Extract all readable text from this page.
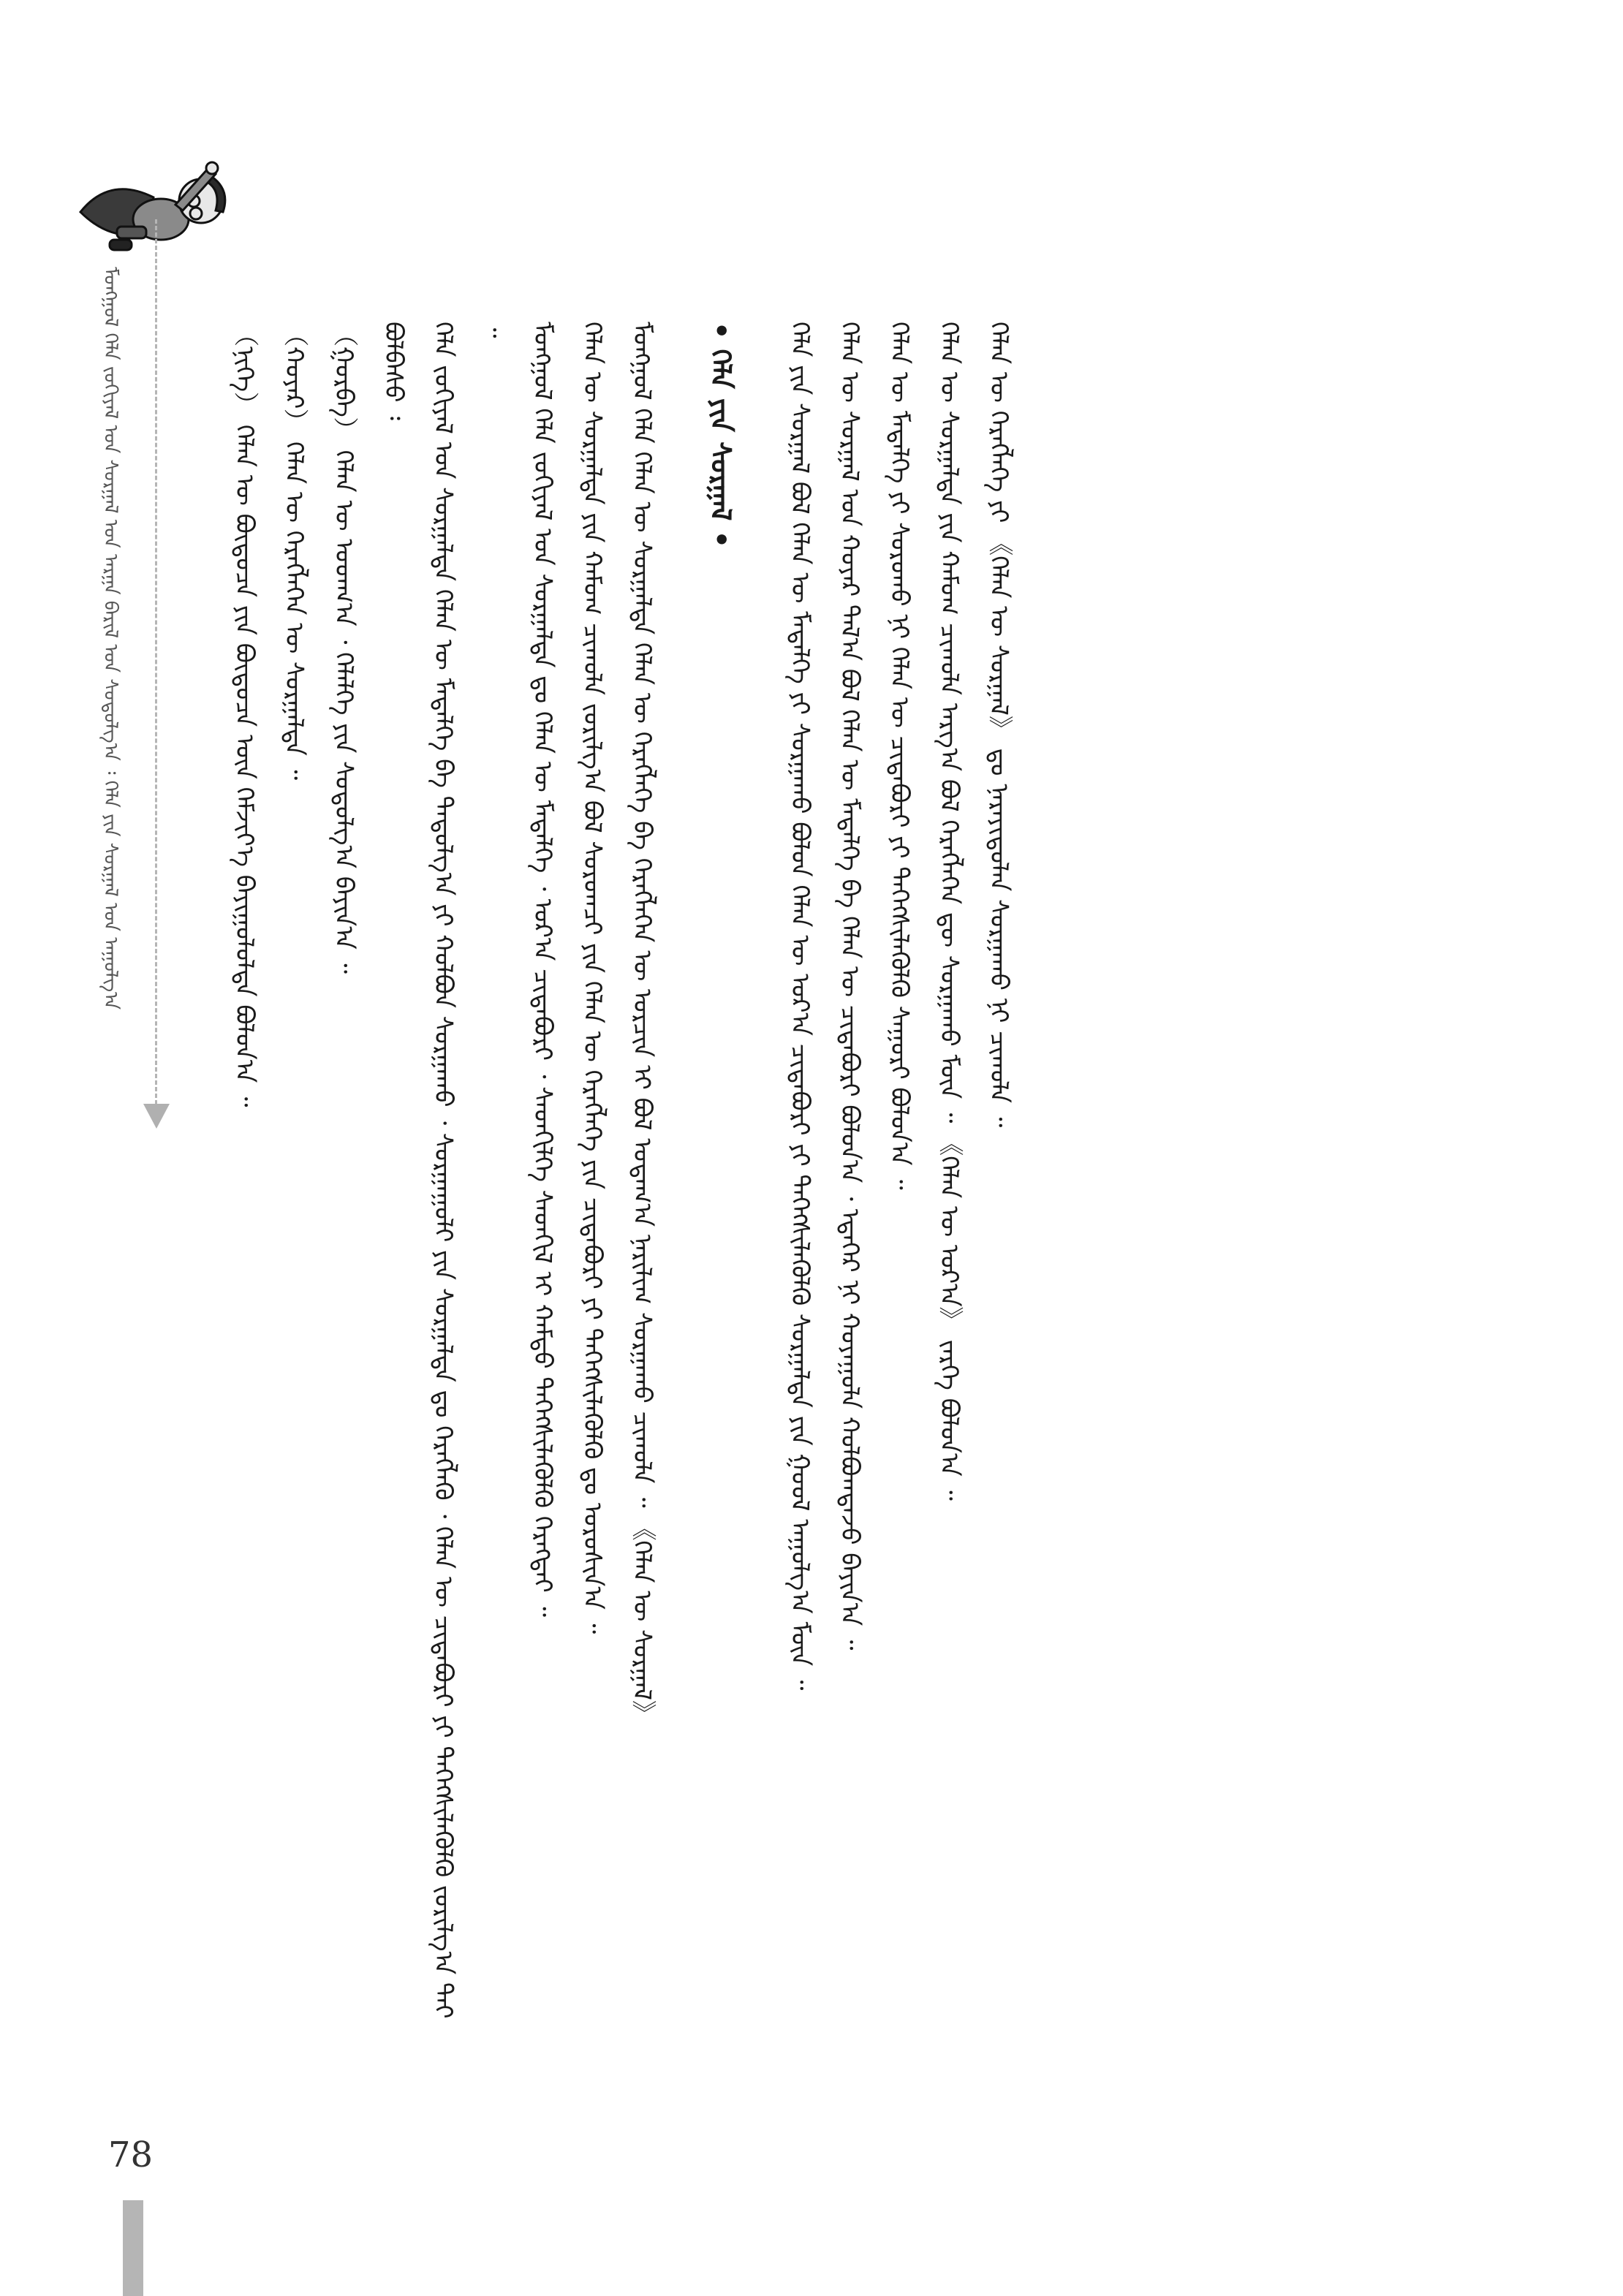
ᠮᠣᠩᠭᠣᠯ ᠬᠡᠯᠡ ᠵᠣᠬᠢᠶᠠᠯ ᠤᠨ ᠰᠤᠷᠭᠠᠯ ᠤᠨ ᠠᠷᠭᠠ ᠪᠠᠷᠢᠯ ᠤᠨ ᠰᠤᠳᠤᠯᠭ᠎ᠠ ᠄ ᠬᠡᠯᠡ ᠶᠢᠨ ᠰᠤᠷᠭᠠᠯ ᠤᠨ ᠠᠭᠤᠯᠭ᠎ᠠ	（ᠨᠢᠭᠡ） ᠬᠡᠯᠡᠨ ᠦ ᠪᠦᠲᠦᠴᠡ ᠶᠢᠨ ᠪᠦᠲᠦᠴᠡ ᠦᠨ ᠬᠡᠮᠵᠢᠶ᠎ᠡ ᠪᠠᠶᠢᠭᠤᠯᠤᠯᠲᠠ ᠪᠣᠯᠣᠨ᠎ᠠ ᠃ （ᠬᠣᠶᠠᠷ） ᠬᠡᠯᠡᠨ ᠦ ᠬᠡᠷᠡᠭᠯᠡᠭᠡᠨ ᠦ ᠰᠤᠷᠭᠠᠯᠲᠠ ᠃ （ᠭᠤᠷᠪᠠ） ᠬᠡᠯᠡᠨ ᠦ ᠤᠳᠬ᠎ᠠ ᠂ ᠬᠡᠯᠡᠯᠭᠡ ᠶᠢᠨ ᠰᠤᠳᠤᠯᠭ᠎ᠠ ᠪᠠᠶᠢᠨ᠎ᠠ ᠃ ᠪᠣᠯᠪᠠᠰᠤ ᠄ ᠬᠡᠯᠡ ᠵᠣᠬᠢᠶᠠᠯ ᠤᠨ ᠰᠤᠷᠭᠠᠯᠲᠠ ᠬᠡᠯᠡᠨ ᠦ ᠮᠡᠳᠡᠯᠭᠡ ᠪᠠ ᠳᠠᠳᠤᠯᠭ᠎ᠠ ᠶᠢ ᠬᠣᠯᠪᠣᠨ ᠰᠤᠷᠭᠠᠬᠤ ᠂ ᠰᠤᠷᠭᠠᠭᠤᠯᠢ ᠶᠢᠨ ᠰᠤᠷᠭᠠᠯᠲᠠ ᠳᠤ ᠬᠡᠷᠡᠭᠯᠡᠬᠦ ᠂ ᠬᠡᠯᠡᠨ ᠦ ᠴᠢᠳᠠᠪᠤᠷᠢ ᠶᠢ ᠳᠡᠭᠡᠭᠰᠢᠯᠡᠭᠦᠯᠬᠦ ᠵᠣᠷᠢᠯᠭ᠎ᠠ ᠲᠠᠢ ᠃ ᠮᠣᠩᠭᠣᠯ ᠬᠡᠯᠡ ᠵᠣᠬᠢᠶᠠᠯ ᠤᠨ ᠰᠤᠷᠭᠠᠯᠲᠠ ᠳᠤ ᠬᠡᠯᠡᠨ ᠦ ᠮᠡᠳᠡᠯᠭᠡ ᠂ ᠤᠷ᠎ᠠ ᠴᠢᠳᠠᠪᠤᠷᠢ ᠂ ᠰᠡᠳᠬᠢᠯᠭᠡ ᠰᠡᠳᠬᠢᠯ ᠢ ᠬᠠᠮᠲᠤ ᠳᠡᠭᠡᠭᠰᠢᠯᠡᠭᠦᠯᠬᠦ ᠬᠡᠷᠡᠭᠲᠡᠢ ᠃ ᠬᠡᠯᠡᠨ ᠦ ᠰᠤᠷᠭᠠᠯᠲᠠ ᠶᠢᠨ ᠬᠠᠮᠤᠭ ᠴᠢᠬᠤᠯᠠ ᠵᠣᠷᠢᠯᠭ᠎ᠠ ᠪᠣᠯ ᠰᠤᠷᠤᠭᠴᠢ ᠶᠢᠨ ᠬᠡᠯᠡᠨ ᠦ ᠬᠡᠷᠡᠭᠯᠡᠭᠡ ᠶᠢᠨ ᠴᠢᠳᠠᠪᠤᠷᠢ ᠶᠢ ᠳᠡᠭᠡᠭᠰᠢᠯᠡᠭᠦᠯᠬᠦ ᠳᠤ ᠣᠷᠣᠰᠢᠨ᠎ᠠ ᠃ ᠮᠣᠩᠭᠣᠯ ᠬᠡᠯᠡ ᠬᠡᠯᠡᠨ ᠦ ᠰᠤᠷᠭᠠᠯᠲᠠ ᠬᠡᠯᠡᠨ ᠦ ᠬᠡᠷᠡᠭᠯᠡᠭᠡ ᠪᠠ ᠬᠡᠷᠡᠭᠯᠡᠭᠡᠨ ᠦ ᠣᠷᠴᠢᠨ ᠢ ᠪᠣᠯ ᠤᠳᠠᠭ᠎ᠠ ᠨᠠᠷᠢᠯᠢᠭ ᠰᠤᠷᠭᠠᠬᠤ ᠴᠢᠬᠤᠯᠠ ᠃ 《ᠬᠡᠯᠡᠨ ᠦ ᠰᠤᠷᠭᠠᠯ》	• ᠬᠡᠯᠡ ᠶᠢᠨ ᠰᠤᠷᠭᠠᠯ •	ᠬᠡᠯᠡ ᠶᠢᠨ ᠰᠤᠷᠭᠠᠯ ᠪᠣᠯ ᠬᠡᠯᠡᠨ ᠦ ᠮᠡᠳᠡᠯᠭᠡ ᠶᠢ ᠰᠤᠷᠭᠠᠬᠤ ᠪᠣᠯᠣᠨ ᠬᠡᠯᠡᠨ ᠦ ᠤᠷ᠎ᠠ ᠴᠢᠳᠠᠪᠤᠷᠢ ᠶᠢ ᠳᠡᠭᠡᠭᠰᠢᠯᠡᠭᠦᠯᠬᠦ ᠰᠤᠷᠭᠠᠯᠲᠠ ᠶᠢᠨ ᠭᠣᠣᠯ ᠠᠭᠤᠯᠭ᠎ᠠ ᠮᠥᠨ ᠃ ᠬᠡᠯᠡᠨ ᠦ ᠰᠤᠷᠭᠠᠯ ᠤᠨ ᠬᠣᠶᠠᠷ ᠲᠠᠯ᠎ᠠ ᠪᠣᠯ ᠬᠡᠯᠡᠨ ᠦ ᠮᠡᠳᠡᠯᠭᠡ ᠪᠠ ᠬᠡᠯᠡᠨ ᠦ ᠴᠢᠳᠠᠪᠤᠷᠢ ᠪᠣᠯᠣᠨ᠎ᠠ ᠂ ᠡᠳᠡᠭᠡᠷ ᠨᠢ ᠬᠣᠶᠠᠭᠤᠯᠠ ᠬᠣᠯᠪᠣᠭᠳᠠᠵᠤ ᠪᠠᠶᠢᠨ᠎ᠠ ᠃ ᠬᠡᠯᠡᠨ ᠦ ᠮᠡᠳᠡᠯᠭᠡ ᠶᠢ ᠰᠤᠷᠤᠬᠤ ᠨᠢ ᠬᠡᠯᠡᠨ ᠦ ᠴᠢᠳᠠᠪᠤᠷᠢ ᠶᠢ ᠳᠡᠭᠡᠭᠰᠢᠯᠡᠭᠦᠯᠬᠦ ᠰᠠᠭᠤᠷᠢ ᠪᠣᠯᠤᠨ᠎ᠠ ᠃ ᠬᠡᠯᠡᠨ ᠦ ᠰᠤᠷᠭᠠᠯᠲᠠ ᠶᠢᠨ ᠬᠠᠮᠤᠭ ᠴᠢᠬᠤᠯᠠ ᠠᠷᠭ᠎ᠠ ᠪᠣᠯ ᠬᠡᠷᠡᠭᠯᠡᠭᠡᠨ ᠳᠦ ᠰᠤᠷᠭᠠᠬᠤ ᠮᠥᠨ ᠃ 《ᠬᠡᠯᠡᠨ ᠦ ᠤᠷ᠎ᠠ》 ᠵᠡᠷᠭᠡ ᠪᠣᠯᠣᠨ᠎ᠠ ᠃ ᠬᠡᠯᠡᠨ ᠦ ᠬᠡᠷᠡᠭᠯᠡᠭᠡ ᠶᠢ 《ᠬᠡᠯᠡᠨ ᠦ ᠰᠤᠷᠭᠠᠯ》 ᠳᠤ ᠨᠡᠷᠡᠶᠢᠳᠦᠯᠡᠨ ᠰᠤᠷᠭᠠᠬᠤ ᠨᠢ ᠴᠢᠬᠤᠯᠠ ᠃
78
